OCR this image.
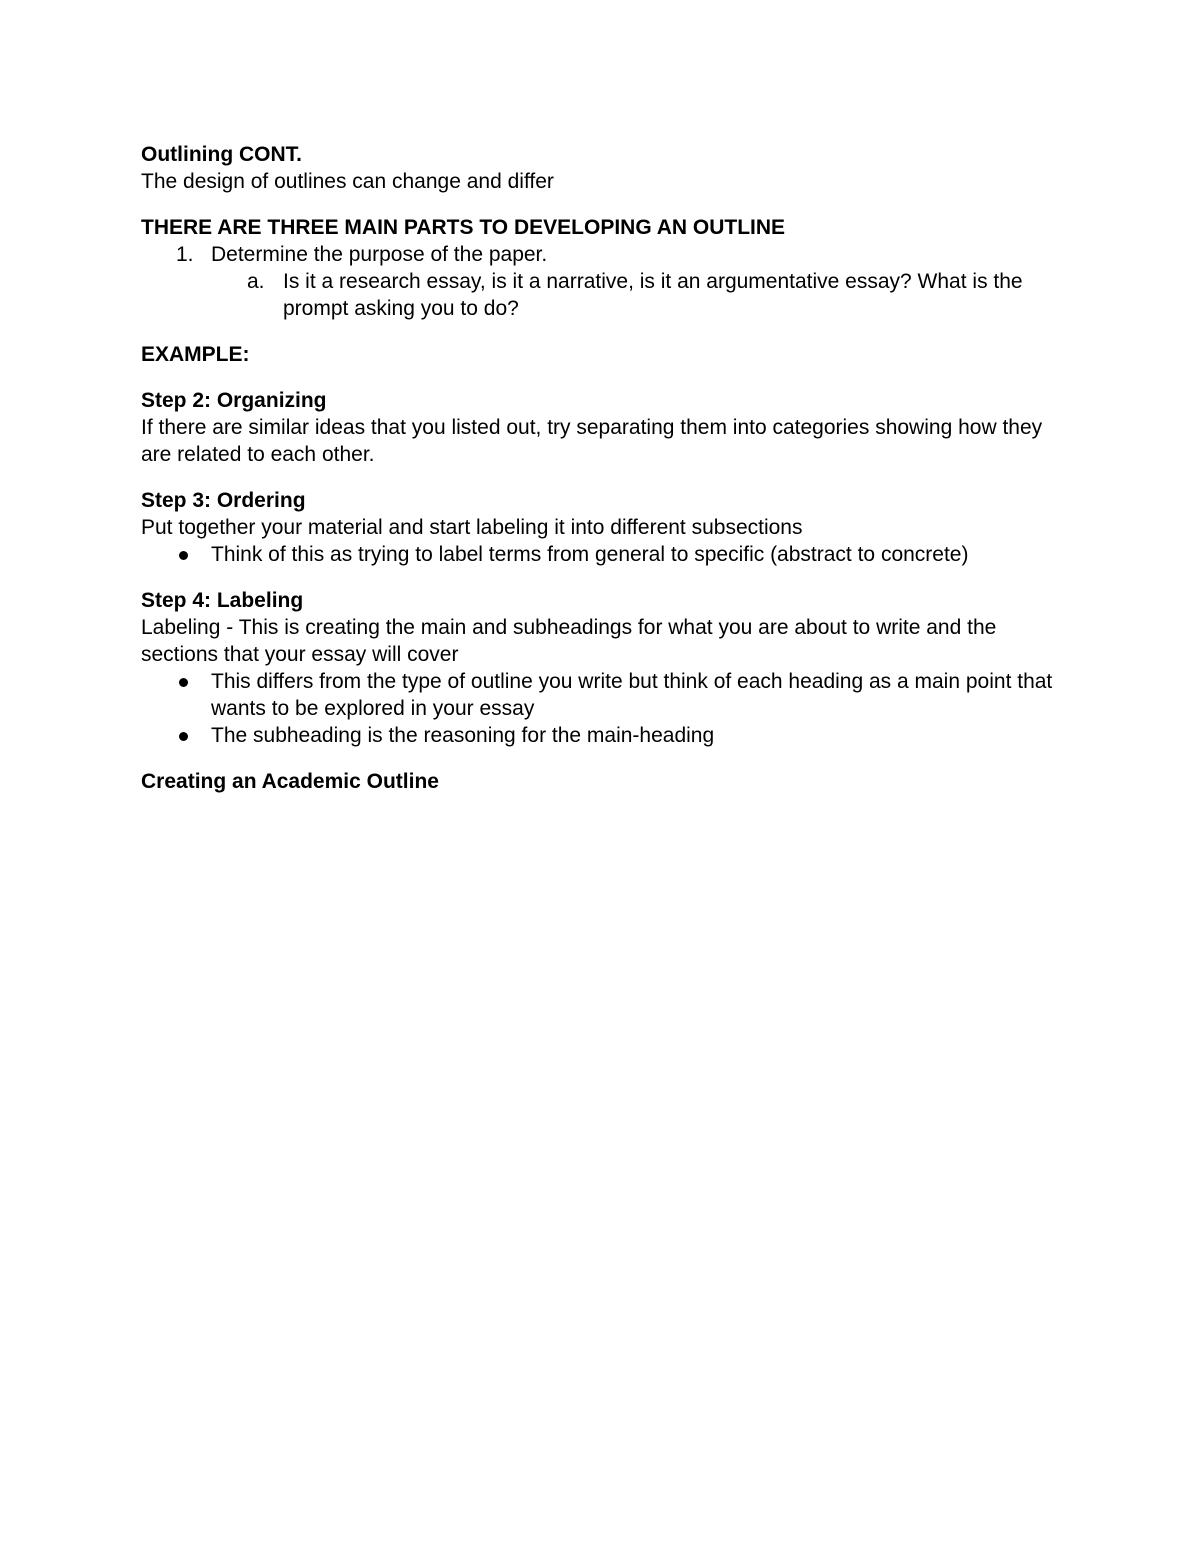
Outlining CONT.

The design of outlines can change and differ

THERE ARE THREE MAIN PARTS TO DEVELOPING AN OUTLINE

1. Determine the purpose of the paper.
a. Is it a research essay, is it a narrative, is it an argumentative essay? What is the prompt asking you to do?

EXAMPLE:

Step 2: Organizing

If there are similar ideas that you listed out, try separating them into categories showing how they are related to each other.

Step 3: Ordering

Put together your material and start labeling it into different subsections

Think of this as trying to label terms from general to specific (abstract to concrete)

Step 4: Labeling

Labeling - This is creating the main and subheadings for what you are about to write and the sections that your essay will cover

This differs from the type of outline you write but think of each heading as a main point that wants to be explored in your essay
The subheading is the reasoning for the main-heading

Creating an Academic Outline
